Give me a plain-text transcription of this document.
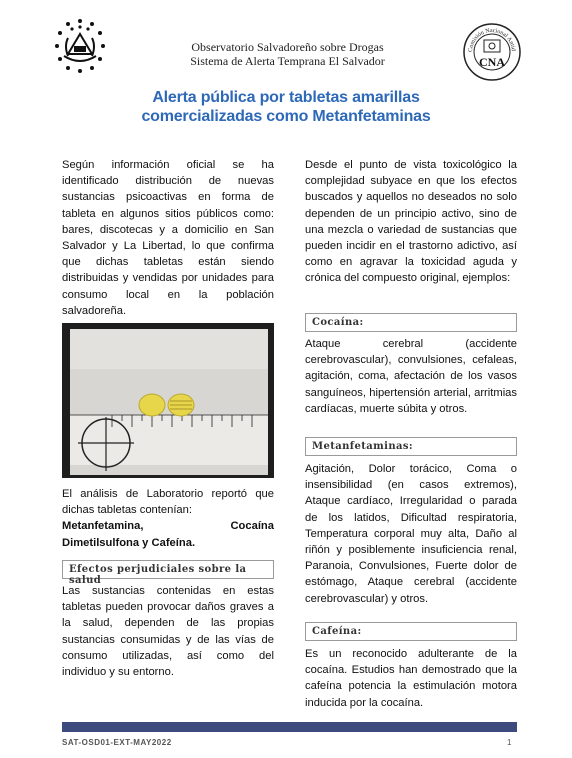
Observatorio Salvadoreño sobre Drogas
Sistema de Alerta Temprana El Salvador
Comisión Nacional Antid
CNA
Alerta pública por tabletas amarillas
comercializadas como Metanfetaminas
Según información oficial se ha identificado distribución de nuevas sustancias psicoactivas en forma de tableta en algunos sitios públicos como: bares, discotecas y a domicilio en San Salvador y La Libertad, lo que confirma que dichas tabletas están siendo distribuidas y vendidas por unidades para consumo local en la población salvadoreña.
El análisis de Laboratorio reportó que dichas tabletas contenían:
Metanfetamina,	Cocaína
Dimetilsulfona y Cafeína.
Efectos perjudiciales sobre la salud
Las sustancias contenidas en estas tabletas pueden provocar daños graves a la salud, dependen de las propias sustancias consumidas y de las vías de consumo utilizadas, así como del individuo y su entorno.
Desde el punto de vista toxicológico la complejidad subyace en que los efectos buscados y aquellos no deseados no solo dependen de un principio activo, sino de una mezcla o variedad de sustancias que pueden incidir en el trastorno adictivo, así como en agravar la toxicidad aguda y crónica del compuesto original, ejemplos:
Cocaína:
Ataque cerebral (accidente cerebrovascular), convulsiones, cefaleas, agitación, coma, afectación de los vasos sanguíneos, hipertensión arterial, arritmias cardíacas, muerte súbita y otros.
Metanfetaminas:
Agitación, Dolor torácico, Coma o insensibilidad (en casos extremos), Ataque cardíaco, Irregularidad o parada de los latidos, Dificultad respiratoria, Temperatura corporal muy alta, Daño al riñón y posiblemente insuficiencia renal, Paranoia, Convulsiones, Fuerte dolor de estómago, Ataque cerebral (accidente cerebrovascular) y otros.
Cafeína:
Es un reconocido adulterante de la cocaína. Estudios han demostrado que la cafeína potencia la estimulación motora inducida por la cocaína.
SAT-OSD01-EXT-MAY2022	1
